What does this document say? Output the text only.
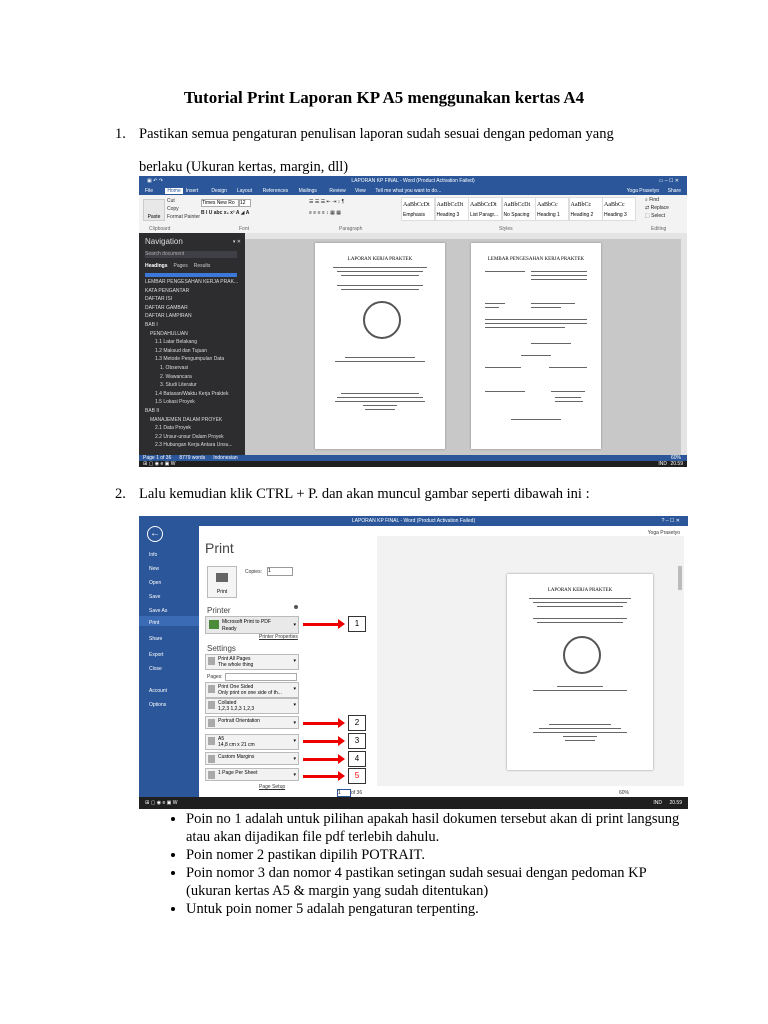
Tutorial Print Laporan KP A5 menggunakan kertas A4
1. Pastikan semua pengaturan penulisan laporan sudah sesuai dengan pedoman yang
berlaku (Ukuran kertas, margin, dll)
LAPORAN KP FINAL - Word (Product Activation Failed)
▣ ↶ ↷	▭ – ☐ ✕
File	Home	Insert	Design Layout References Mailings Review View Tell me what you want to do...	Yoga Prasetyo Share
Paste
Cut
Copy
Format Painter
Times New Ro	12
B I U abc x₂ x² A ◢ A
☰ ☰ ☰ ⇤ ⇥ ↕ ¶
≡ ≡ ≡ ≡ ↕ ▦ ▦
AaBbCcDt
Emphasis
AaBbCcDt
Heading 3
AaBbCcDt
List Paragr...
AaBbCcDt
No Spacing
AaBbCc
Heading 1
AaBbCc
Heading 2
AaBbCc
Heading 3
⌕ Find
⇄ Replace
⬚ Select
Clipboard	Font	Paragraph	Styles	Editing
Navigation	▾ ✕
Search document
Headings Pages Results
LEMBAR PENGESAHAN KERJA PRAK...
KATA PENGANTAR
DAFTAR ISI
DAFTAR GAMBAR
DAFTAR LAMPIRAN
BAB I
PENDAHULUAN
1.1 Latar Belakang
1.2 Maksud dan Tujuan
1.3 Metode Pengumpulan Data
1. Observasi
2. Wawancara
3. Studi Literatur
1.4 Batasan/Waktu Kerja Praktek
1.5 Lokasi Proyek
BAB II
MANAJEMEN DALAM PROYEK
2.1 Data Proyek
2.2 Unsur-unsur Dalam Proyek
2.3 Hubungan Kerja Antara Unsu...
LAPORAN KERJA PRAKTEK	LEMBAR PENGESAHAN KERJA PRAKTEK
Page 1 of 36 8779 words Indonesian	60%
⊞ ▢ ◉ e ▣ W	IND 20.59
2. Lalu kemudian klik CTRL + P. dan akan muncul gambar seperti dibawah ini :
LAPORAN KP FINAL - Word (Product Activation Failed)	? – ☐ ✕
Yoga Prasetyo
←
Info
New
Open
Save
Save As
Print
Share
Export
Close
Account
Options
Print
Print
Copies: 1
Printer
Microsoft Print to PDF
Ready
▾
Printer Properties
Settings
Print All Pages
The whole thing
▾
Print One Sided
Only print on one side of th...
▾
Collated
1,2,3 1,2,3 1,2,3
▾
Portrait Orientation	▾
A5
14,8 cm x 21 cm
▾
Custom Margins	▾
1 Page Per Sheet	▾
Pages:
Page Setup
1
2
3
4
5
LAPORAN KERJA PRAKTEK
1	of 36	60%
⊞ ▢ ◉ e ▣ W	IND 20.59
• Poin no 1 adalah untuk pilihan apakah hasil dokumen tersebut akan di print langsung atau akan dijadikan file pdf terlebih dahulu.
• Poin nomer 2 pastikan dipilih POTRAIT.
• Poin nomor 3 dan nomor 4 pastikan setingan sudah sesuai dengan pedoman KP (ukuran kertas A5 & margin yang sudah ditentukan)
• Untuk poin nomer 5 adalah pengaturan terpenting.
